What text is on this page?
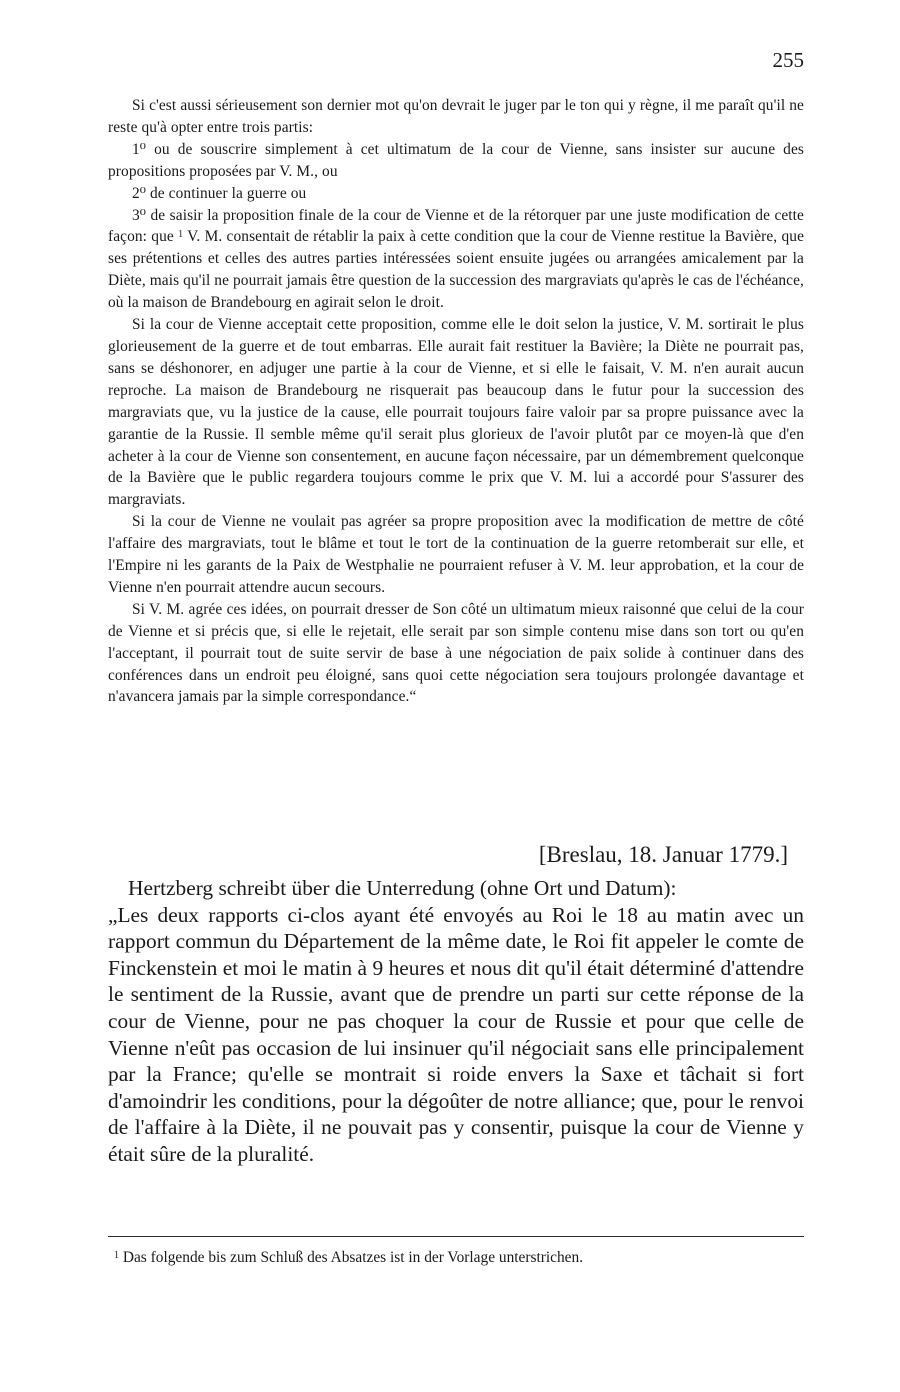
255

Si c'est aussi sérieusement son dernier mot qu'on devrait le juger par le ton qui y règne, il me paraît qu'il ne reste qu'à opter entre trois partis:

1⁰ ou de souscrire simplement à cet ultimatum de la cour de Vienne, sans insister sur aucune des propositions proposées par V. M., ou

2⁰ de continuer la guerre ou

3⁰ de saisir la proposition finale de la cour de Vienne et de la rétorquer par une juste modification de cette façon: que $^1$ V. M. consentait de rétablir la paix à cette condition que la cour de Vienne restitue la Bavière, que ses prétentions et celles des autres parties intéressées soient ensuite jugées ou arrangées amicalement par la Diète, mais qu'il ne pourrait jamais être question de la succession des margraviats qu'après le cas de l'échéance, où la maison de Brandebourg en agirait selon le droit.

Si la cour de Vienne acceptait cette proposition, comme elle le doit selon la justice, V. M. sortirait le plus glorieusement de la guerre et de tout embarras. Elle aurait fait restituer la Bavière; la Diète ne pourrait pas, sans se déshonorer, en adjuger une partie à la cour de Vienne, et si elle le faisait, V. M. n'en aurait aucun reproche. La maison de Brandebourg ne risquerait pas beaucoup dans le futur pour la succession des margraviats que, vu la justice de la cause, elle pourrait toujours faire valoir par sa propre puissance avec la garantie de la Russie. Il semble même qu'il serait plus glorieux de l'avoir plutôt par ce moyen-là que d'en acheter à la cour de Vienne son consentement, en aucune façon nécessaire, par un démembrement quelconque de la Bavière que le public regardera toujours comme le prix que V. M. lui a accordé pour S'assurer des margraviats.

Si la cour de Vienne ne voulait pas agréer sa propre proposition avec la modification de mettre de côté l'affaire des margraviats, tout le blâme et tout le tort de la continuation de la guerre retomberait sur elle, et l'Empire ni les garants de la Paix de Westphalie ne pourraient refuser à V. M. leur approbation, et la cour de Vienne n'en pourrait attendre aucun secours.

Si V. M. agrée ces idées, on pourrait dresser de Son côté un ultimatum mieux raisonné que celui de la cour de Vienne et si précis que, si elle le rejetait, elle serait par son simple contenu mise dans son tort ou qu'en l'acceptant, il pourrait tout de suite servir de base à une négociation de paix solide à continuer dans des conférences dans un endroit peu éloigné, sans quoi cette négociation sera toujours prolongée davantage et n'avancera jamais par la simple correspondance.“

[Breslau, 18. Januar 1779.]

Hertzberg schreibt über die Unterredung (ohne Ort und Datum):

„Les deux rapports ci-clos ayant été envoyés au Roi le 18 au matin avec un rapport commun du Département de la même date, le Roi fit appeler le comte de Finckenstein et moi le matin à 9 heures et nous dit qu'il était déterminé d'attendre le sentiment de la Russie, avant que de prendre un parti sur cette réponse de la cour de Vienne, pour ne pas choquer la cour de Russie et pour que celle de Vienne n'eût pas occasion de lui insinuer qu'il négociait sans elle principalement par la France; qu'elle se montrait si roide envers la Saxe et tâchait si fort d'amoindrir les conditions, pour la dégoûter de notre alliance; que, pour le renvoi de l'affaire à la Diète, il ne pouvait pas y consentir, puisque la cour de Vienne y était sûre de la pluralité.

$^1$ Das folgende bis zum Schluß des Absatzes ist in der Vorlage unterstrichen.
